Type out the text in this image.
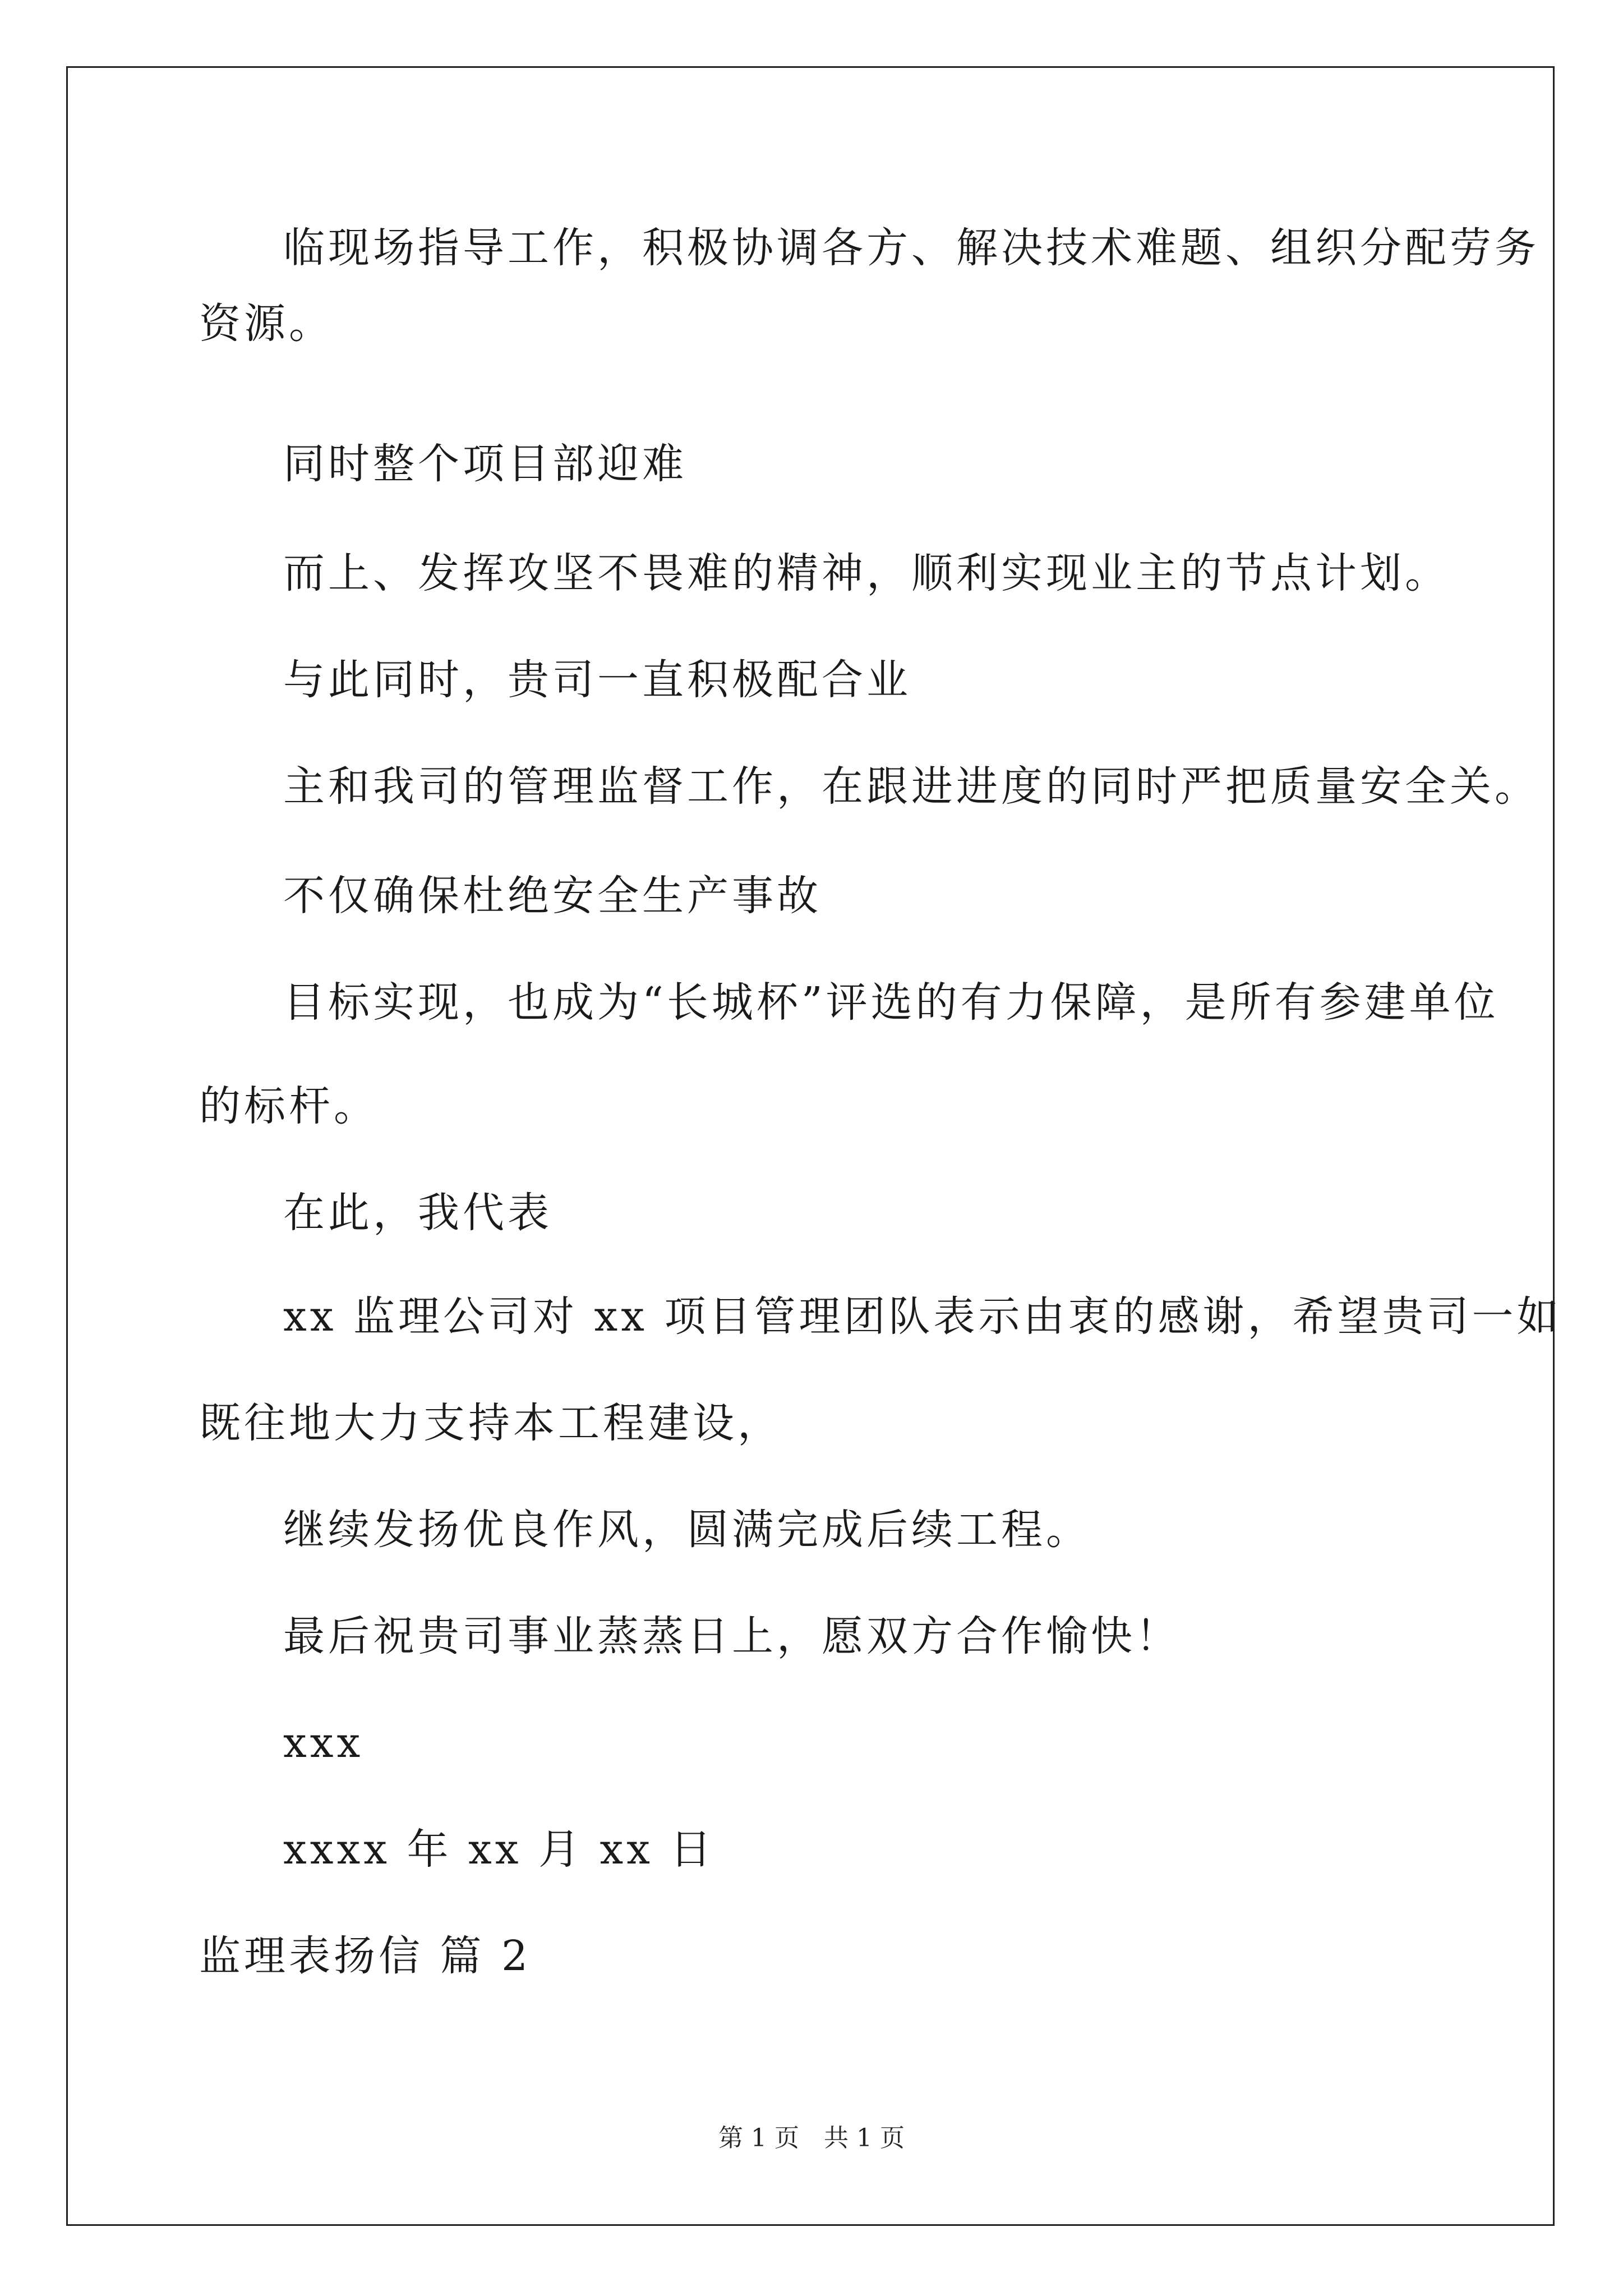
临现场指导工作，积极协调各方、解决技术难题、组织分配劳务
资源。
同时整个项目部迎难
而上、发挥攻坚不畏难的精神，顺利实现业主的节点计划。
与此同时，贵司一直积极配合业
主和我司的管理监督工作，在跟进进度的同时严把质量安全关。
不仅确保杜绝安全生产事故
目标实现，也成为“长城杯”评选的有力保障，是所有参建单位
的标杆。
在此，我代表
xx 监理公司对 xx 项目管理团队表示由衷的感谢，希望贵司一如
既往地大力支持本工程建设，
继续发扬优良作风，圆满完成后续工程。
最后祝贵司事业蒸蒸日上，愿双方合作愉快！
xxx
xxxx 年 xx 月 xx 日
监理表扬信 篇 2
第 1 页　共 1 页
